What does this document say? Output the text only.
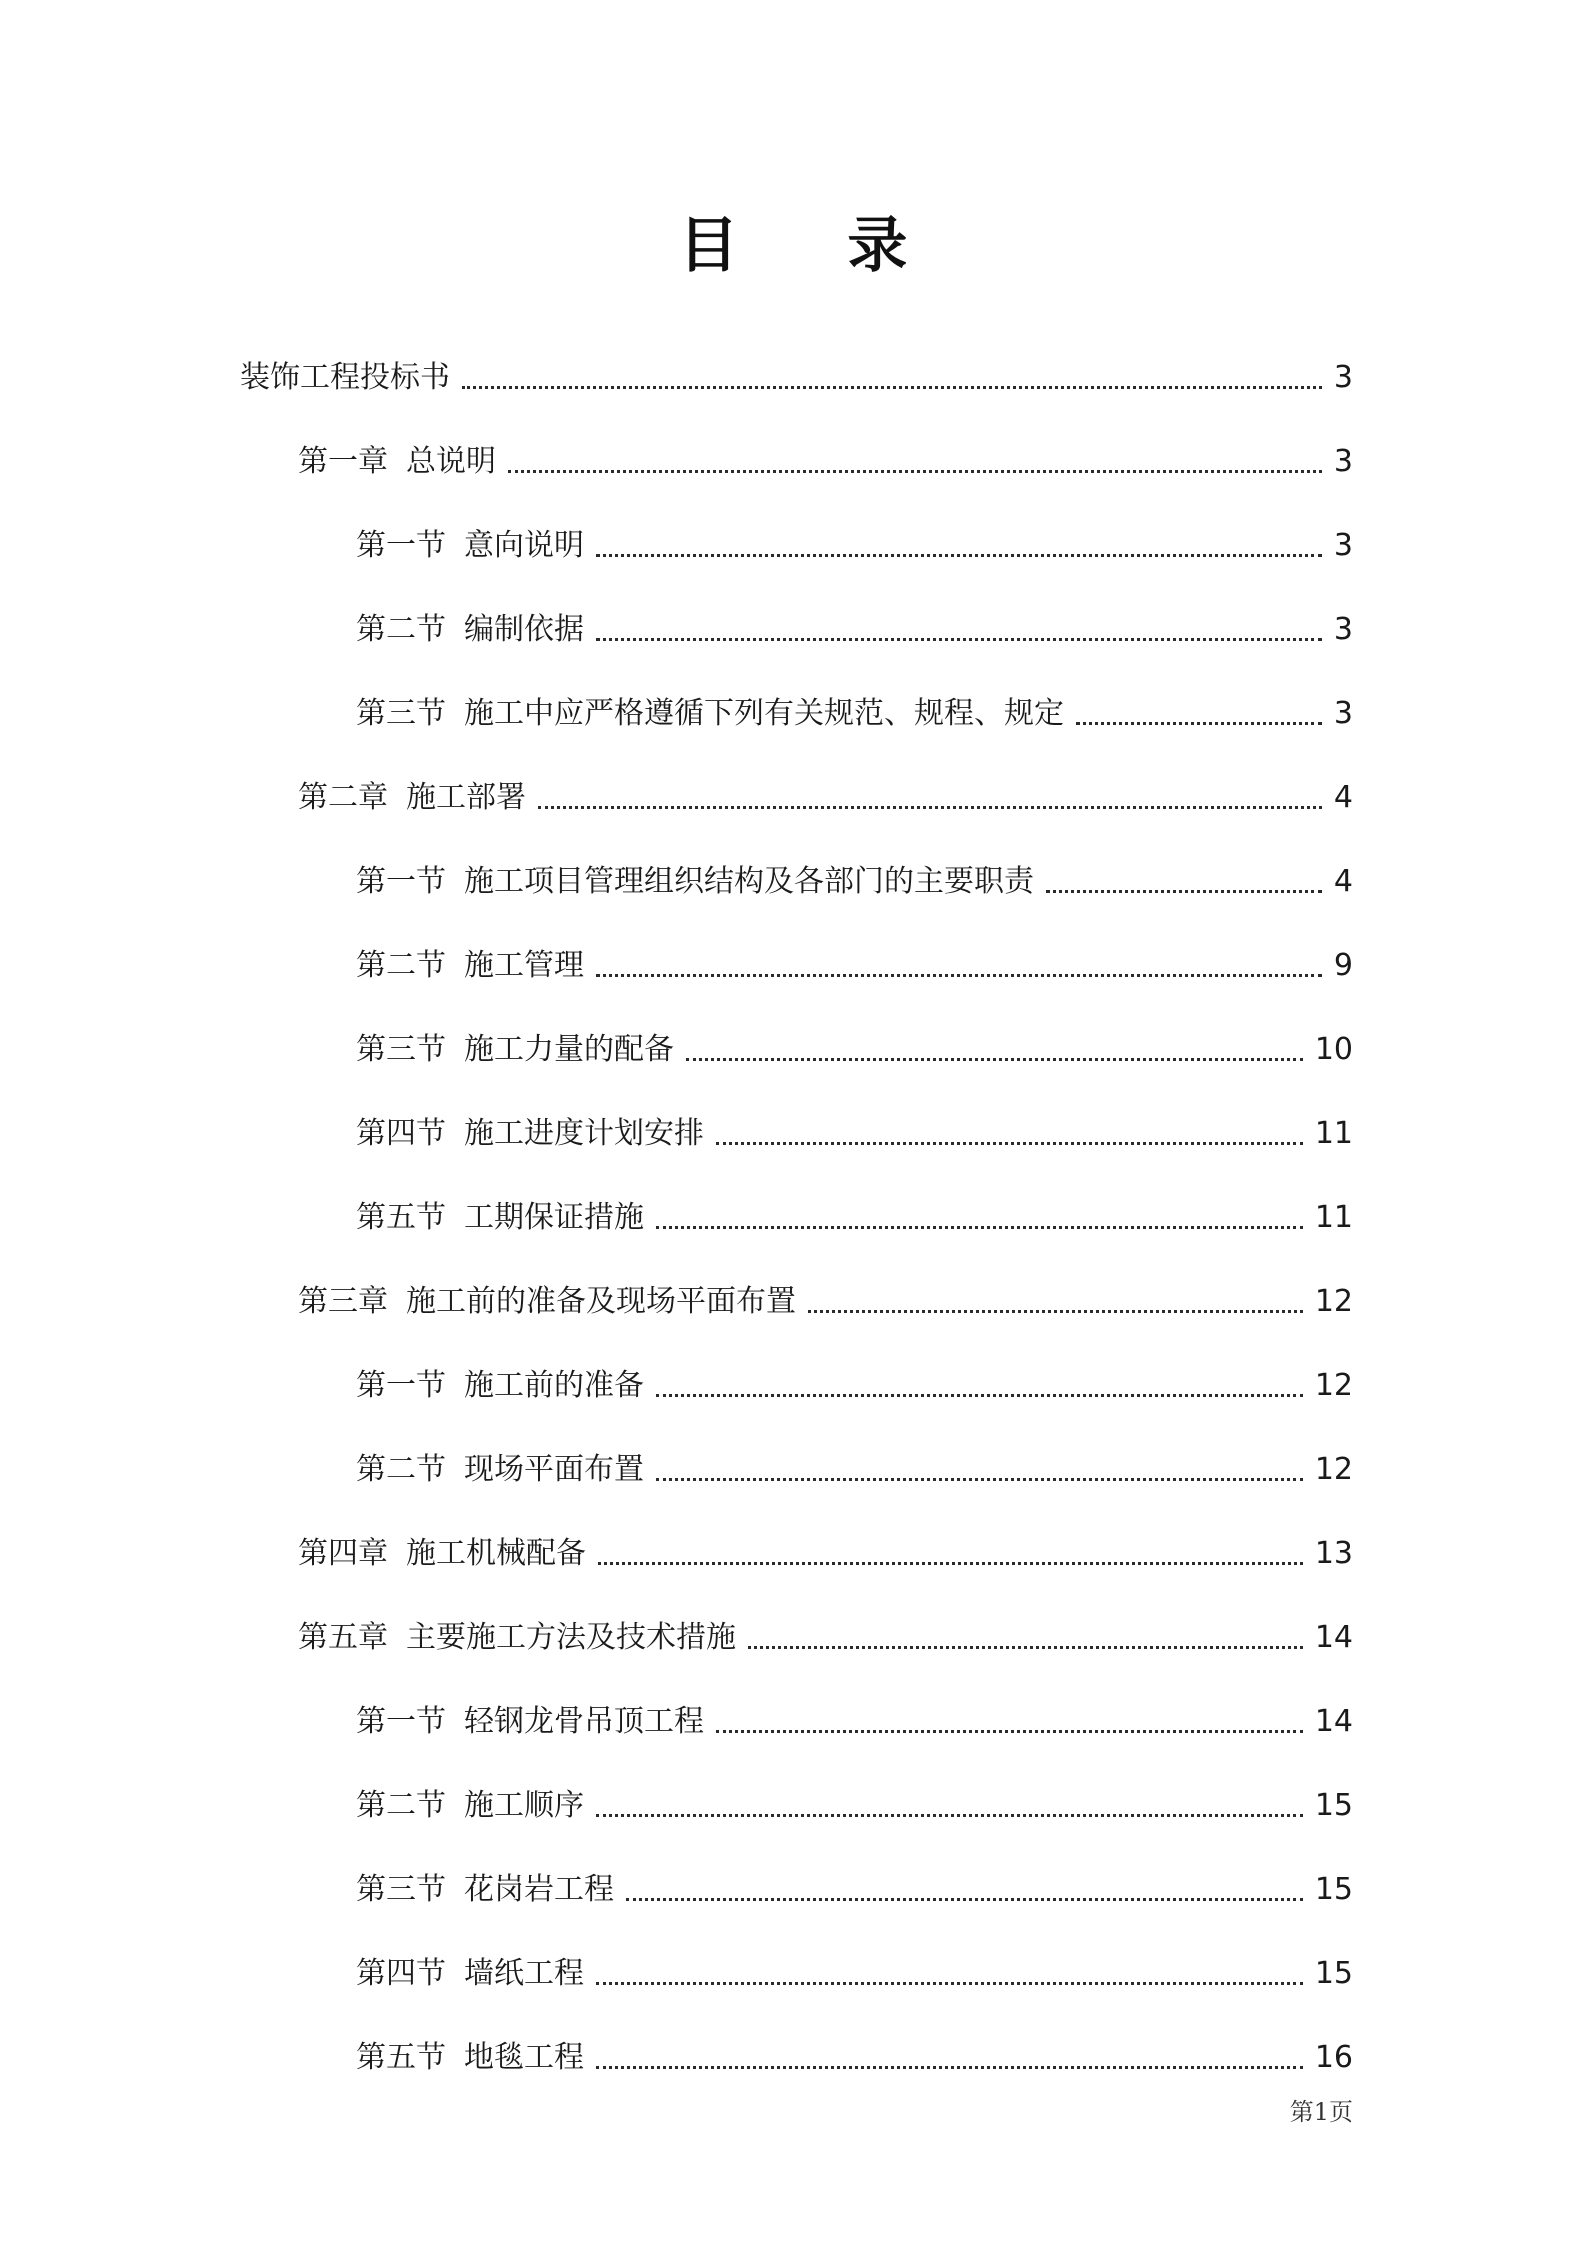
目 录
装饰工程投标书	3
第一章 总说明	3
第一节 意向说明	3
第二节 编制依据	3
第三节 施工中应严格遵循下列有关规范、规程、规定	3
第二章 施工部署	4
第一节 施工项目管理组织结构及各部门的主要职责	4
第二节 施工管理	9
第三节 施工力量的配备	10
第四节 施工进度计划安排	11
第五节 工期保证措施	11
第三章 施工前的准备及现场平面布置	12
第一节 施工前的准备	12
第二节 现场平面布置	12
第四章 施工机械配备	13
第五章 主要施工方法及技术措施	14
第一节 轻钢龙骨吊顶工程	14
第二节 施工顺序	15
第三节 花岗岩工程	15
第四节 墙纸工程	15
第五节 地毯工程	16
第1页
